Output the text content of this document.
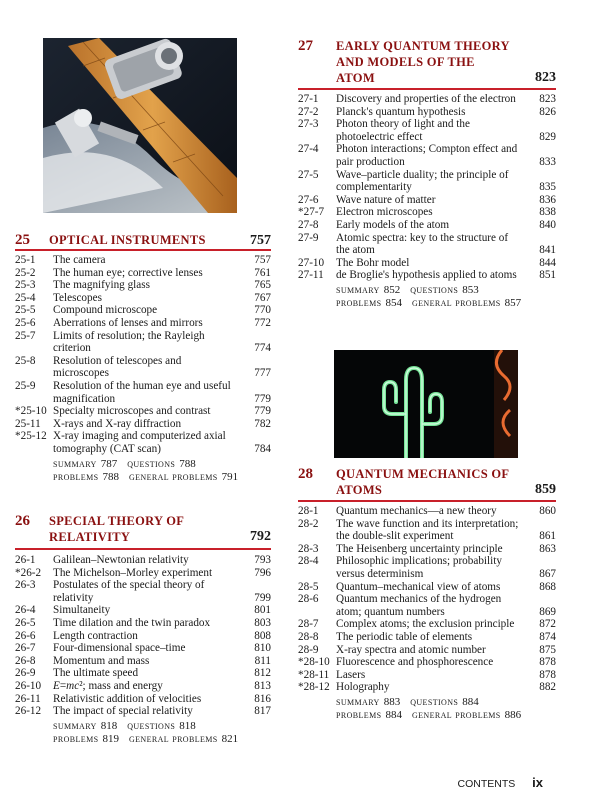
25	OPTICAL INSTRUMENTS	757
25-1	The camera	757
25-2	The human eye; corrective lenses	761
25-3	The magnifying glass	765
25-4	Telescopes	767
25-5	Compound microscope	770
25-6	Aberrations of lenses and mirrors	772
25-7	Limits of resolution; the Rayleigh criterion	774
25-8	Resolution of telescopes and microscopes	777
25-9	Resolution of the human eye and useful magnification	779
*25-10 Specialty microscopes and contrast	779
25-11	X-rays and X-ray diffraction	782
*25-12 X-ray imaging and computerized axial tomography (CAT scan)	784
summary 787 questions 788
problems 788 general problems 791
26	SPECIAL THEORY OF RELATIVITY	792
26-1	Galilean–Newtonian relativity	793
*26-2	The Michelson–Morley experiment	796
26-3	Postulates of the special theory of relativity	799
26-4	Simultaneity	801
26-5	Time dilation and the twin paradox	803
26-6	Length contraction	808
26-7	Four-dimensional space–time	810
26-8	Momentum and mass	811
26-9	The ultimate speed	812
26-10	E=mc²; mass and energy	813
26-11	Relativistic addition of velocities	816
26-12	The impact of special relativity	817
summary 818 questions 818
problems 819 general problems 821
27	EARLY QUANTUM THEORY AND MODELS OF THE ATOM	823
27-1	Discovery and properties of the electron	823
27-2	Planck's quantum hypothesis	826
27-3	Photon theory of light and the photoelectric effect	829
27-4	Photon interactions; Compton effect and pair production	833
27-5	Wave–particle duality; the principle of complementarity	835
27-6	Wave nature of matter	836
*27-7	Electron microscopes	838
27-8	Early models of the atom	840
27-9	Atomic spectra: key to the structure of the atom	841
27-10	The Bohr model	844
27-11	de Broglie's hypothesis applied to atoms	851
summary 852 questions 853
problems 854 general problems 857
28	QUANTUM MECHANICS OF ATOMS	859
28-1	Quantum mechanics—a new theory	860
28-2	The wave function and its interpretation; the double-slit experiment	861
28-3	The Heisenberg uncertainty principle	863
28-4	Philosophic implications; probability versus determinism	867
28-5	Quantum–mechanical view of atoms	868
28-6	Quantum mechanics of the hydrogen atom; quantum numbers	869
28-7	Complex atoms; the exclusion principle	872
28-8	The periodic table of elements	874
28-9	X-ray spectra and atomic number	875
*28-10 Fluorescence and phosphorescence	878
*28-11 Lasers	878
*28-12 Holography	882
summary 883 questions 884
problems 884 general problems 886
CONTENTS ix
